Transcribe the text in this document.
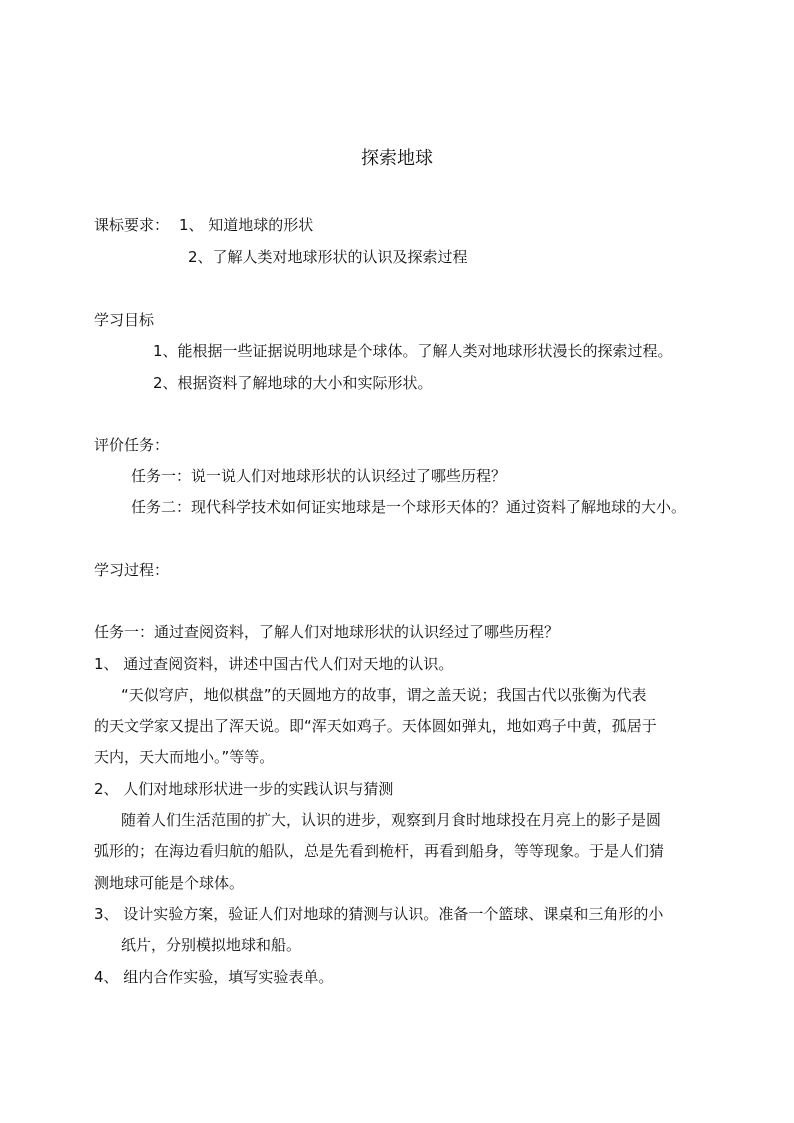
探索地球
课标要求： 1、 知道地球的形状
2、了解人类对地球形状的认识及探索过程
学习目标
1、能根据一些证据说明地球是个球体。了解人类对地球形状漫长的探索过程。
2、根据资料了解地球的大小和实际形状。
评价任务：
任务一：说一说人们对地球形状的认识经过了哪些历程？
任务二：现代科学技术如何证实地球是一个球形天体的？通过资料了解地球的大小。
学习过程：
任务一：通过查阅资料，了解人们对地球形状的认识经过了哪些历程？
1、 通过查阅资料，讲述中国古代人们对天地的认识。
“天似穹庐，地似棋盘”的天圆地方的故事，谓之盖天说；我国古代以张衡为代表
的天文学家又提出了浑天说。即“浑天如鸡子。天体圆如弹丸，地如鸡子中黄，孤居于
天内，天大而地小。”等等。
2、 人们对地球形状进一步的实践认识与猜测
随着人们生活范围的扩大，认识的进步，观察到月食时地球投在月亮上的影子是圆
弧形的；在海边看归航的船队，总是先看到桅杆，再看到船身，等等现象。于是人们猜
测地球可能是个球体。
3、 设计实验方案，验证人们对地球的猜测与认识。准备一个篮球、课桌和三角形的小
纸片，分别模拟地球和船。
4、 组内合作实验，填写实验表单。
